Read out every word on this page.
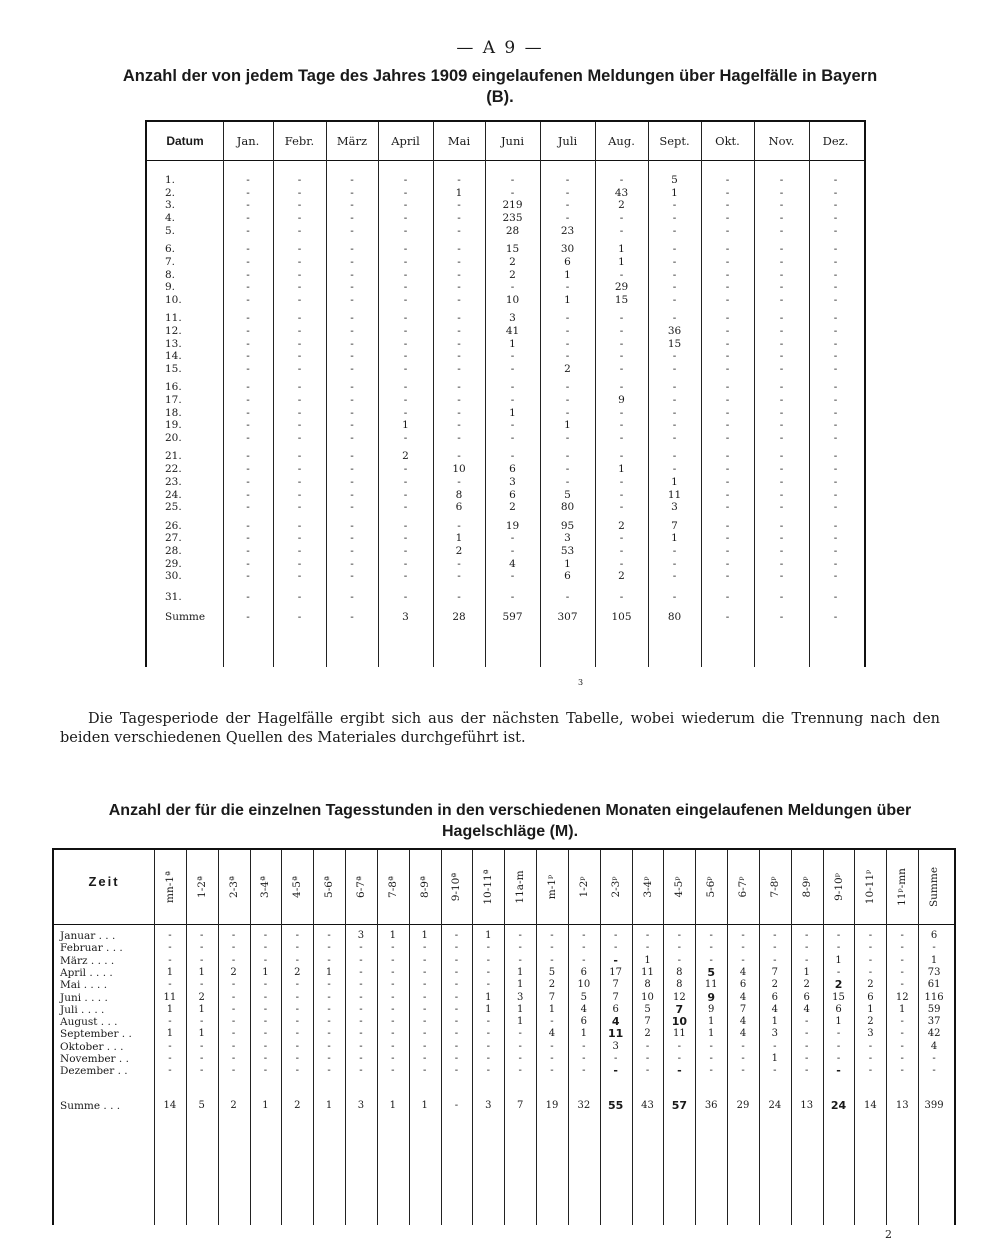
— A 9 —
Anzahl der von jedem Tage des Jahres 1909 eingelaufenen Meldungen über Hagelfälle in Bayern (B).
Datum	Jan.	Febr.	März	April	Mai	Juni	Juli	Aug.	Sept.	Okt.	Nov.	Dez.
1.	-	-	-	-	-	-	-	-	5	-	-	-
2.	-	-	-	-	1	-	-	43	1	-	-	-
3.	-	-	-	-	-	219	-	2	-	-	-	-
4.	-	-	-	-	-	235	-	-	-	-	-	-
5.	-	-	-	-	-	28	23	-	-	-	-	-
6.	-	-	-	-	-	15	30	1	-	-	-	-
7.	-	-	-	-	-	2	6	1	-	-	-	-
8.	-	-	-	-	-	2	1	-	-	-	-	-
9.	-	-	-	-	-	-	-	29	-	-	-	-
10.	-	-	-	-	-	10	1	15	-	-	-	-
11.	-	-	-	-	-	3	-	-	-	-	-	-
12.	-	-	-	-	-	41	-	-	36	-	-	-
13.	-	-	-	-	-	1	-	-	15	-	-	-
14.	-	-	-	-	-	-	-	-	-	-	-	-
15.	-	-	-	-	-	-	2	-	-	-	-	-
16.	-	-	-	-	-	-	-	-	-	-	-	-
17.	-	-	-	-	-	-	-	9	-	-	-	-
18.	-	-	-	-	-	1	-	-	-	-	-	-
19.	-	-	-	1	-	-	1	-	-	-	-	-
20.	-	-	-	-	-	-	-	-	-	-	-	-
21.	-	-	-	2	-	-	-	-	-	-	-	-
22.	-	-	-	-	10	6	-	1	-	-	-	-
23.	-	-	-	-	-	3	-	-	1	-	-	-
24.	-	-	-	-	8	6	5	-	11	-	-	-
25.	-	-	-	-	6	2	80	-	3	-	-	-
26.	-	-	-	-	-	19	95	2	7	-	-	-
27.	-	-	-	-	1	-	3	-	1	-	-	-
28.	-	-	-	-	2	-	53	-	-	-	-	-
29.	-	-	-	-	-	4	1	-	-	-	-	-
30.	-	-	-	-	-	-	6	2	-	-	-	-
31.	-	-	-	-	-	-	-	-	-	-	-	-
Summe	-	-	-	3	28	597	307	105	80	-	-	-
3
Die Tagesperiode der Hagelfälle ergibt sich aus der nächsten Tabelle, wobei wiederum die Trennung nach den
beiden verschiedenen Quellen des Materiales durchgeführt ist.
Anzahl der für die einzelnen Tagesstunden in den verschiedenen Monaten eingelaufenen Meldungen über Hagelschläge (M).
Zeit	mn-1ª 1-2ª 2-3ª 3-4ª 4-5ª 5-6ª 6-7ª 7-8ª 8-9ª 9-10ª 10-11ª 11a-m m-1ᵖ 1-2ᵖ 2-3ᵖ 3-4ᵖ 4-5ᵖ 5-6ᵖ 6-7ᵖ 7-8ᵖ 8-9ᵖ 9-10ᵖ 10-11ᵖ 11ᵖ-mn Summe
Januar . . .	-	-	-	-	-	-	3	1	1	-	1	-	-	-	-	-	-	-	-	-	-	-	-	-	6
Februar . . .	-	-	-	-	-	-	-	-	-	-	-	-	-	-	-	-	-	-	-	-	-	-	-	-	-
März . . . .	-	-	-	-	-	-	-	-	-	-	-	-	-	-	-	1	-	-	-	-	-	1	-	-	1
April . . . .	1	1	2	1	2	1	-	-	-	-	-	1	5	6	17	11	8	5	4	7	1	-	-	-	73
Mai . . . .	-	-	-	-	-	-	-	-	-	-	-	1	2	10	7	8	8	11	6	2	2	2	2	-	61
Juni . . . .	11	2	-	-	-	-	-	-	-	-	1	3	7	5	7	10	12	9	4	6	6	15	6	12	116
Juli . . . .	1	1	-	-	-	-	-	-	-	-	1	1	1	4	6	5	7	9	7	4	4	6	1	1	59
August . . .	-	-	-	-	-	-	-	-	-	-	-	1	-	6	4	7	10	1	4	1	-	1	2	-	37
September . .	1	1	-	-	-	-	-	-	-	-	-	-	4	1	11	2	11	1	4	3	-	-	3	-	42
Oktober . . .	-	-	-	-	-	-	-	-	-	-	-	-	-	-	3	-	-	-	-	-	-	-	-	-	4
November . .	-	-	-	-	-	-	-	-	-	-	-	-	-	-	-	-	-	-	-	1	-	-	-	-	-
Dezember . .	-	-	-	-	-	-	-	-	-	-	-	-	-	-	-	-	-	-	-	-	-	-	-	-	-
Summe . . .	14	5	2	1	2	1	3	1	1	-	3	7	19	32	55	43	57	36	29	24	13	24	14	13	399
2
